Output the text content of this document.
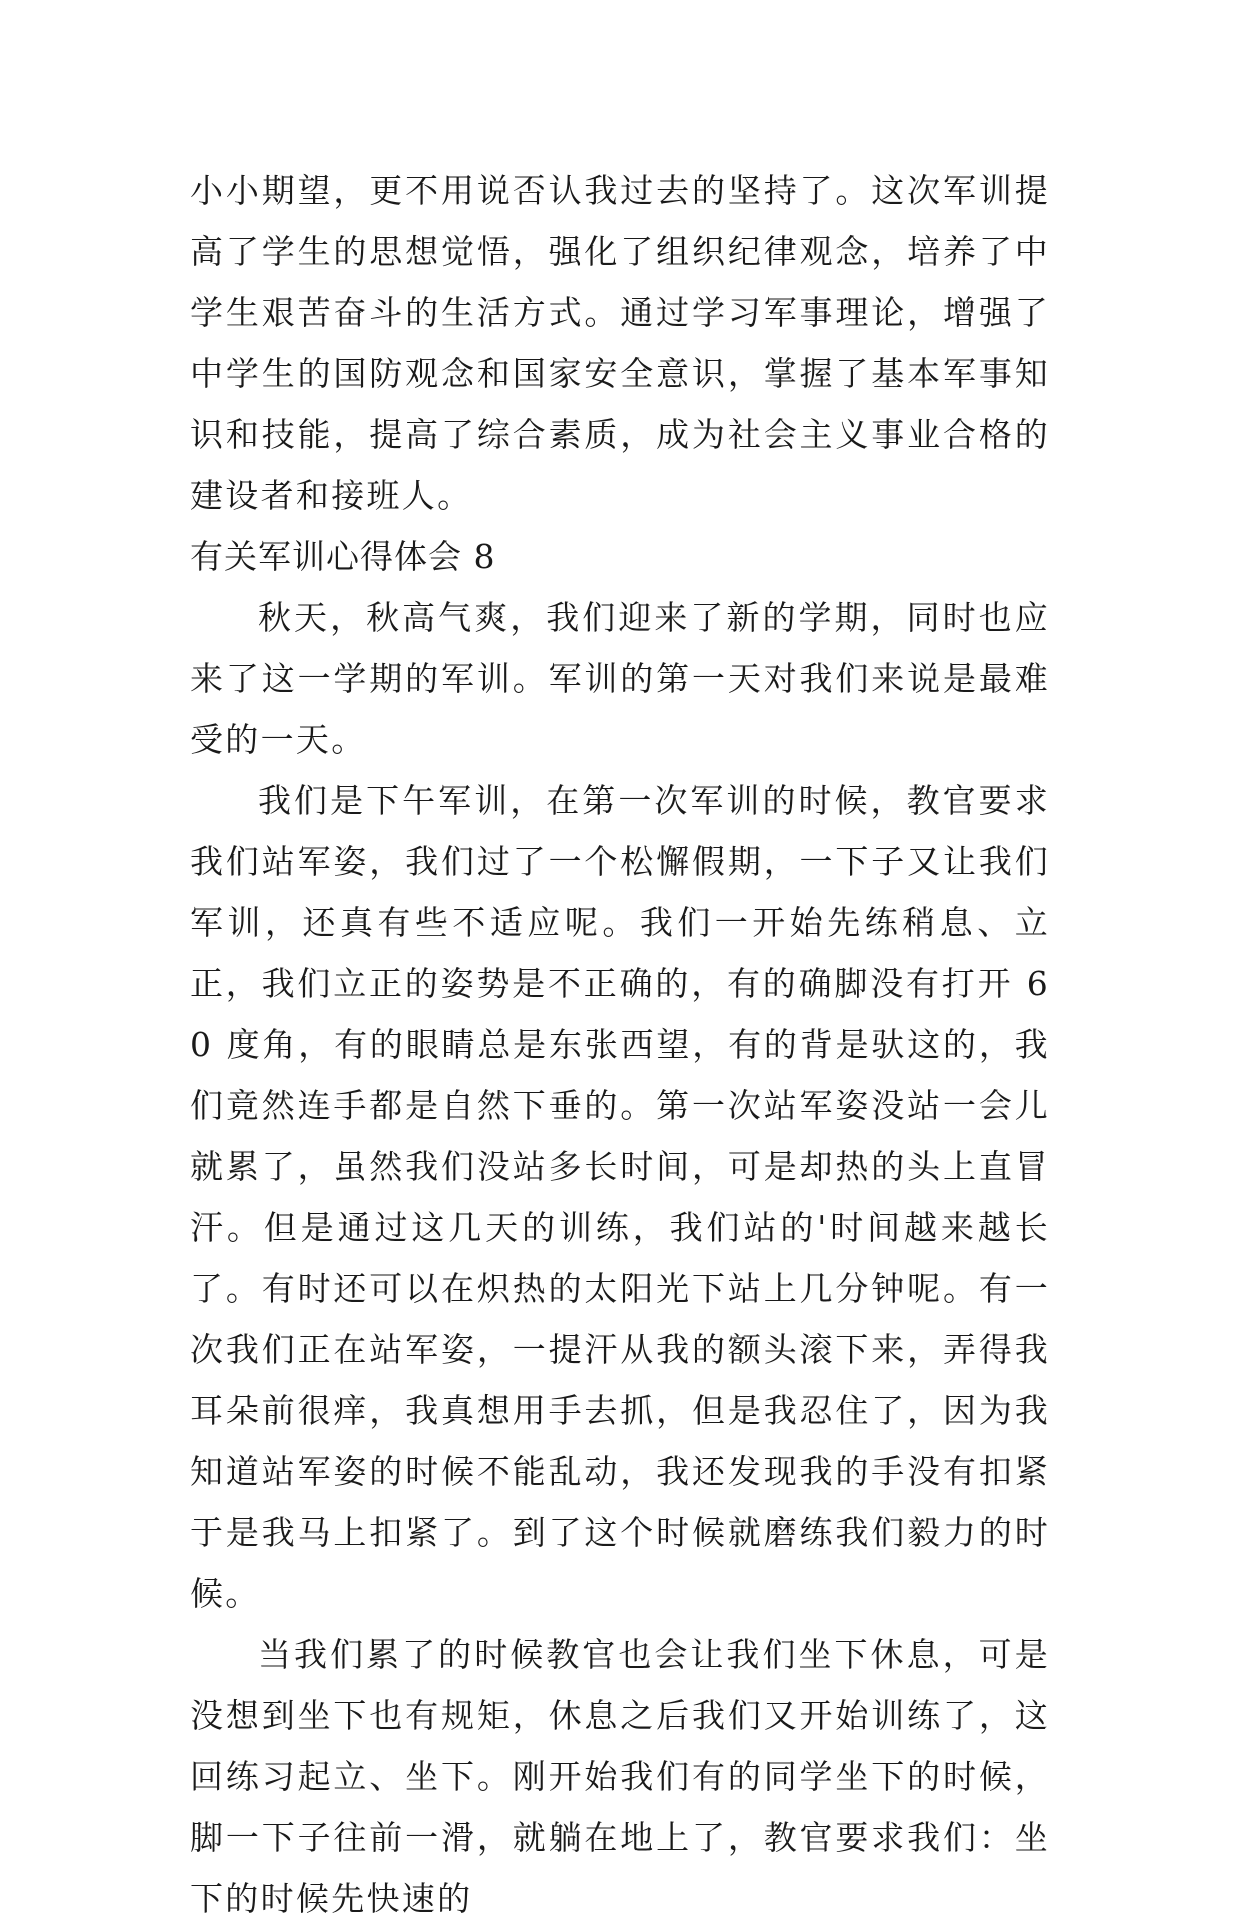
小小期望，更不用说否认我过去的坚持了。这次军训提高了学生的思想觉悟，强化了组织纪律观念，培养了中学生艰苦奋斗的生活方式。通过学习军事理论，增强了中学生的国防观念和国家安全意识，掌握了基本军事知识和技能，提高了综合素质，成为社会主义事业合格的建设者和接班人。

有关军训心得体会 8

秋天，秋高气爽，我们迎来了新的学期，同时也应来了这一学期的军训。军训的第一天对我们来说是最难受的一天。

我们是下午军训，在第一次军训的时候，教官要求我们站军姿，我们过了一个松懈假期，一下子又让我们军训，还真有些不适应呢。我们一开始先练稍息、立正，我们立正的姿势是不正确的，有的确脚没有打开 60 度角，有的眼睛总是东张西望，有的背是驮这的，我们竟然连手都是自然下垂的。第一次站军姿没站一会儿就累了，虽然我们没站多长时间，可是却热的头上直冒汗。但是通过这几天的训练，我们站的'时间越来越长了。有时还可以在炽热的太阳光下站上几分钟呢。有一次我们正在站军姿，一提汗从我的额头滚下来，弄得我耳朵前很痒，我真想用手去抓，但是我忍住了，因为我知道站军姿的时候不能乱动，我还发现我的手没有扣紧于是我马上扣紧了。到了这个时候就磨练我们毅力的时候。

当我们累了的时候教官也会让我们坐下休息，可是没想到坐下也有规矩，休息之后我们又开始训练了，这回练习起立、坐下。刚开始我们有的同学坐下的时候，脚一下子往前一滑，就躺在地上了，教官要求我们：坐下的时候先快速的
